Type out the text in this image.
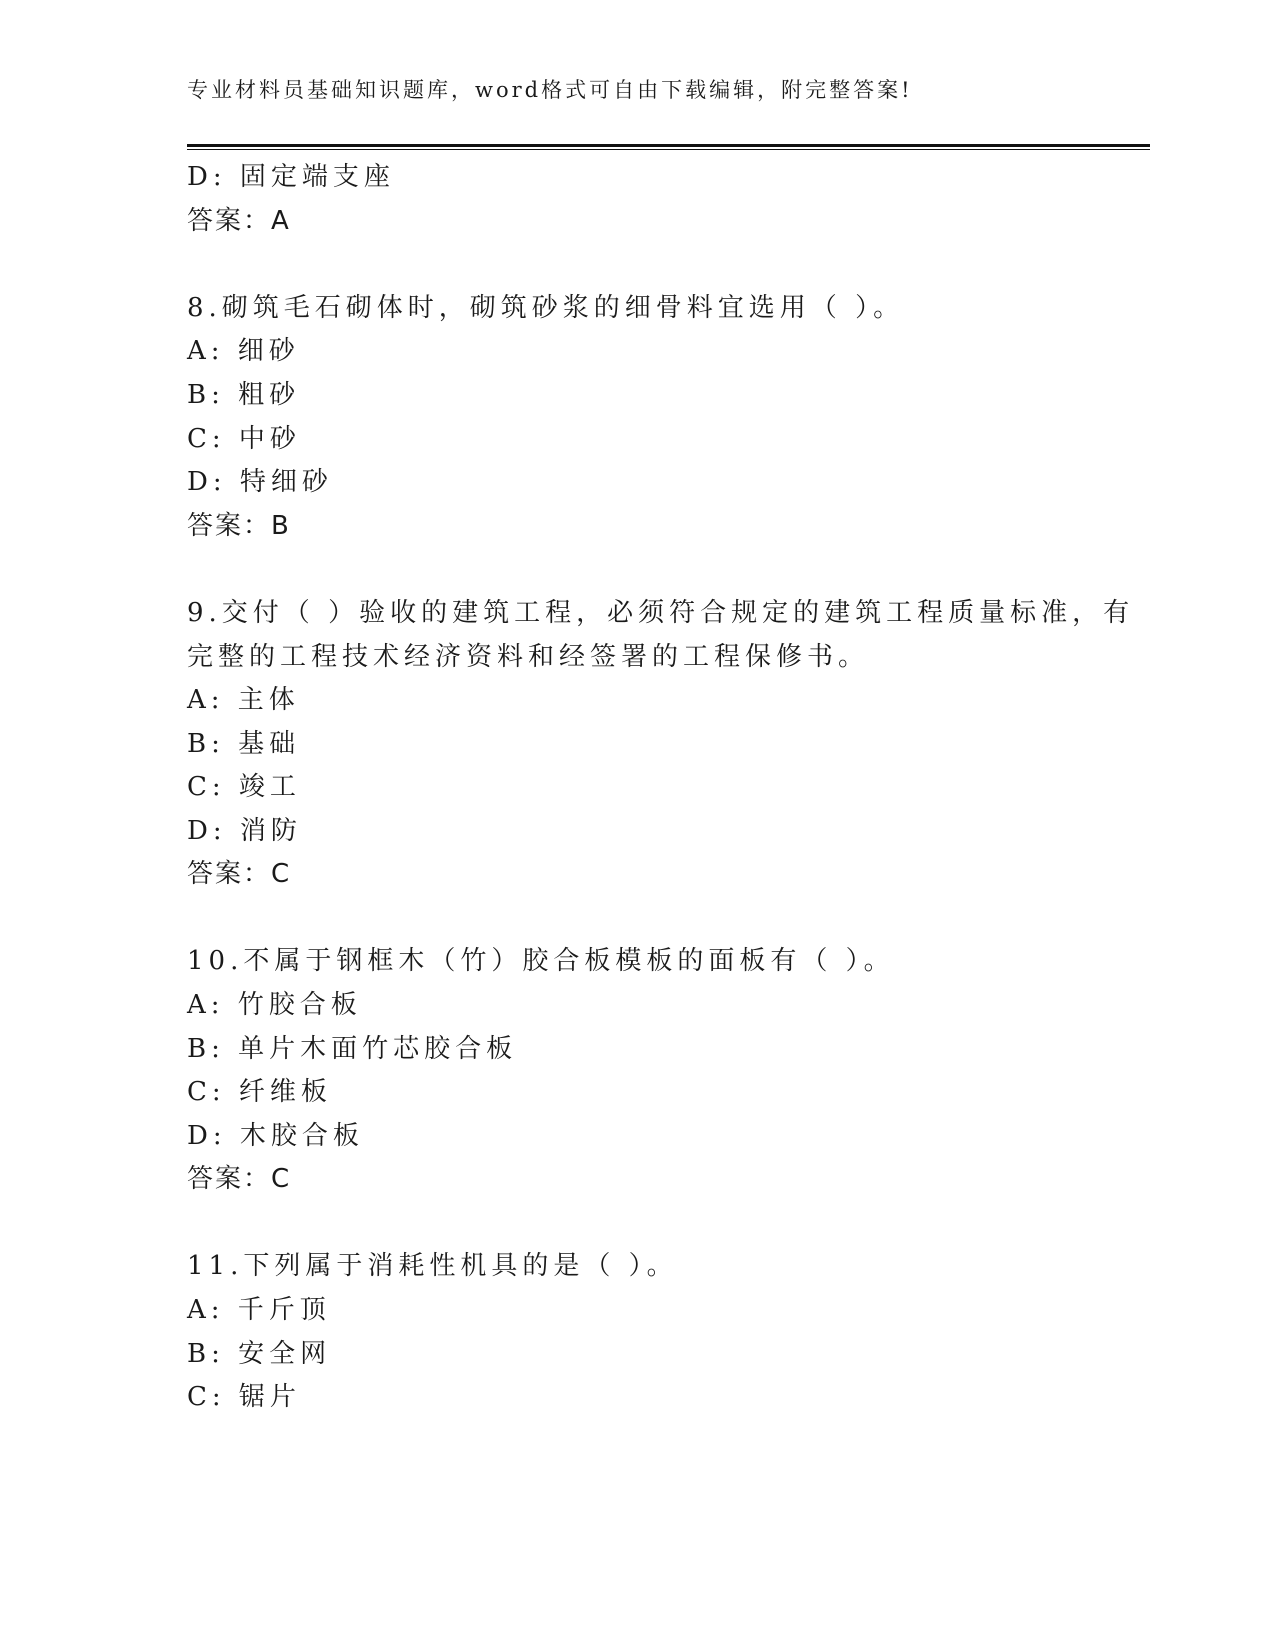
专业材料员基础知识题库，word格式可自由下载编辑，附完整答案!
D: 固定端支座
答案：A
8.砌筑毛石砌体时，砌筑砂浆的细骨料宜选用（ ）。
A: 细砂
B: 粗砂
C: 中砂
D: 特细砂
答案：B
9.交付（ ）验收的建筑工程，必须符合规定的建筑工程质量标准，有
完整的工程技术经济资料和经签署的工程保修书。
A: 主体
B: 基础
C: 竣工
D: 消防
答案：C
10.不属于钢框木（竹）胶合板模板的面板有（ ）。
A: 竹胶合板
B: 单片木面竹芯胶合板
C: 纤维板
D: 木胶合板
答案：C
11.下列属于消耗性机具的是（ ）。
A: 千斤顶
B: 安全网
C: 锯片
